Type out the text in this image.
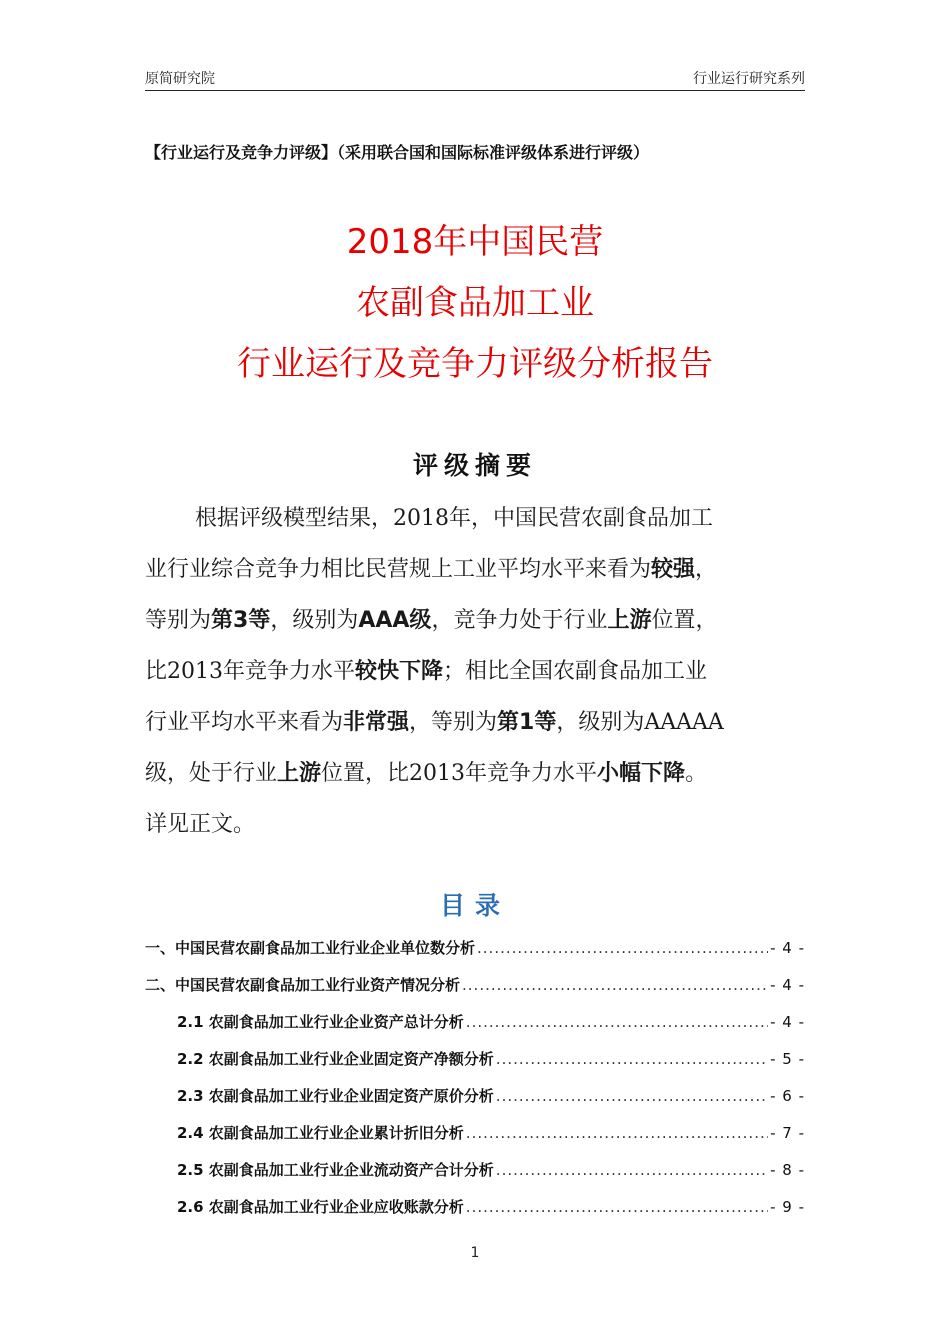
原简研究院	行业运行研究系列
【行业运行及竞争力评级】（采用联合国和国际标准评级体系进行评级）
2018年中国民营
农副食品加工业
行业运行及竞争力评级分析报告
评级摘要
根据评级模型结果，2018年，中国民营农副食品加工
业行业综合竞争力相比民营规上工业平均水平来看为较强，
等别为第3等，级别为AAA级，竞争力处于行业上游位置，
比2013年竞争力水平较快下降；相比全国农副食品加工业
行业平均水平来看为非常强，等别为第1等，级别为AAAAA
级，处于行业上游位置，比2013年竞争力水平小幅下降。
详见正文。
目录
一、中国民营农副食品加工业行业企业单位数分析 .....	- 4 -
二、中国民营农副食品加工业行业资产情况分析 .....	- 4 -
2.1 农副食品加工业行业企业资产总计分析 .....	- 4 -
2.2 农副食品加工业行业企业固定资产净额分析 .....	- 5 -
2.3 农副食品加工业行业企业固定资产原价分析 .....	- 6 -
2.4 农副食品加工业行业企业累计折旧分析 .....	- 7 -
2.5 农副食品加工业行业企业流动资产合计分析 .....	- 8 -
2.6 农副食品加工业行业企业应收账款分析 .....	- 9 -
1
